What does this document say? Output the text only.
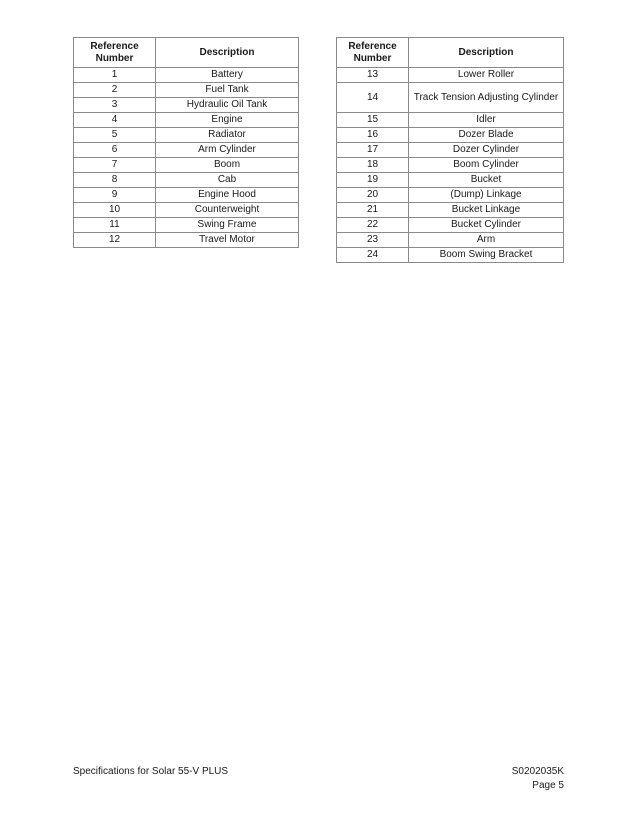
Reference Number	Description
1	Battery
2	Fuel Tank
3	Hydraulic Oil Tank
4	Engine
5	Radiator
6	Arm Cylinder
7	Boom
8	Cab
9	Engine Hood
10	Counterweight
11	Swing Frame
12	Travel Motor
Reference Number	Description
13	Lower Roller
14	Track Tension Adjusting Cylinder
15	Idler
16	Dozer Blade
17	Dozer Cylinder
18	Boom Cylinder
19	Bucket
20	(Dump) Linkage
21	Bucket Linkage
22	Bucket Cylinder
23	Arm
24	Boom Swing Bracket
Specifications for Solar 55-V PLUS	S0202035K
Page 5
